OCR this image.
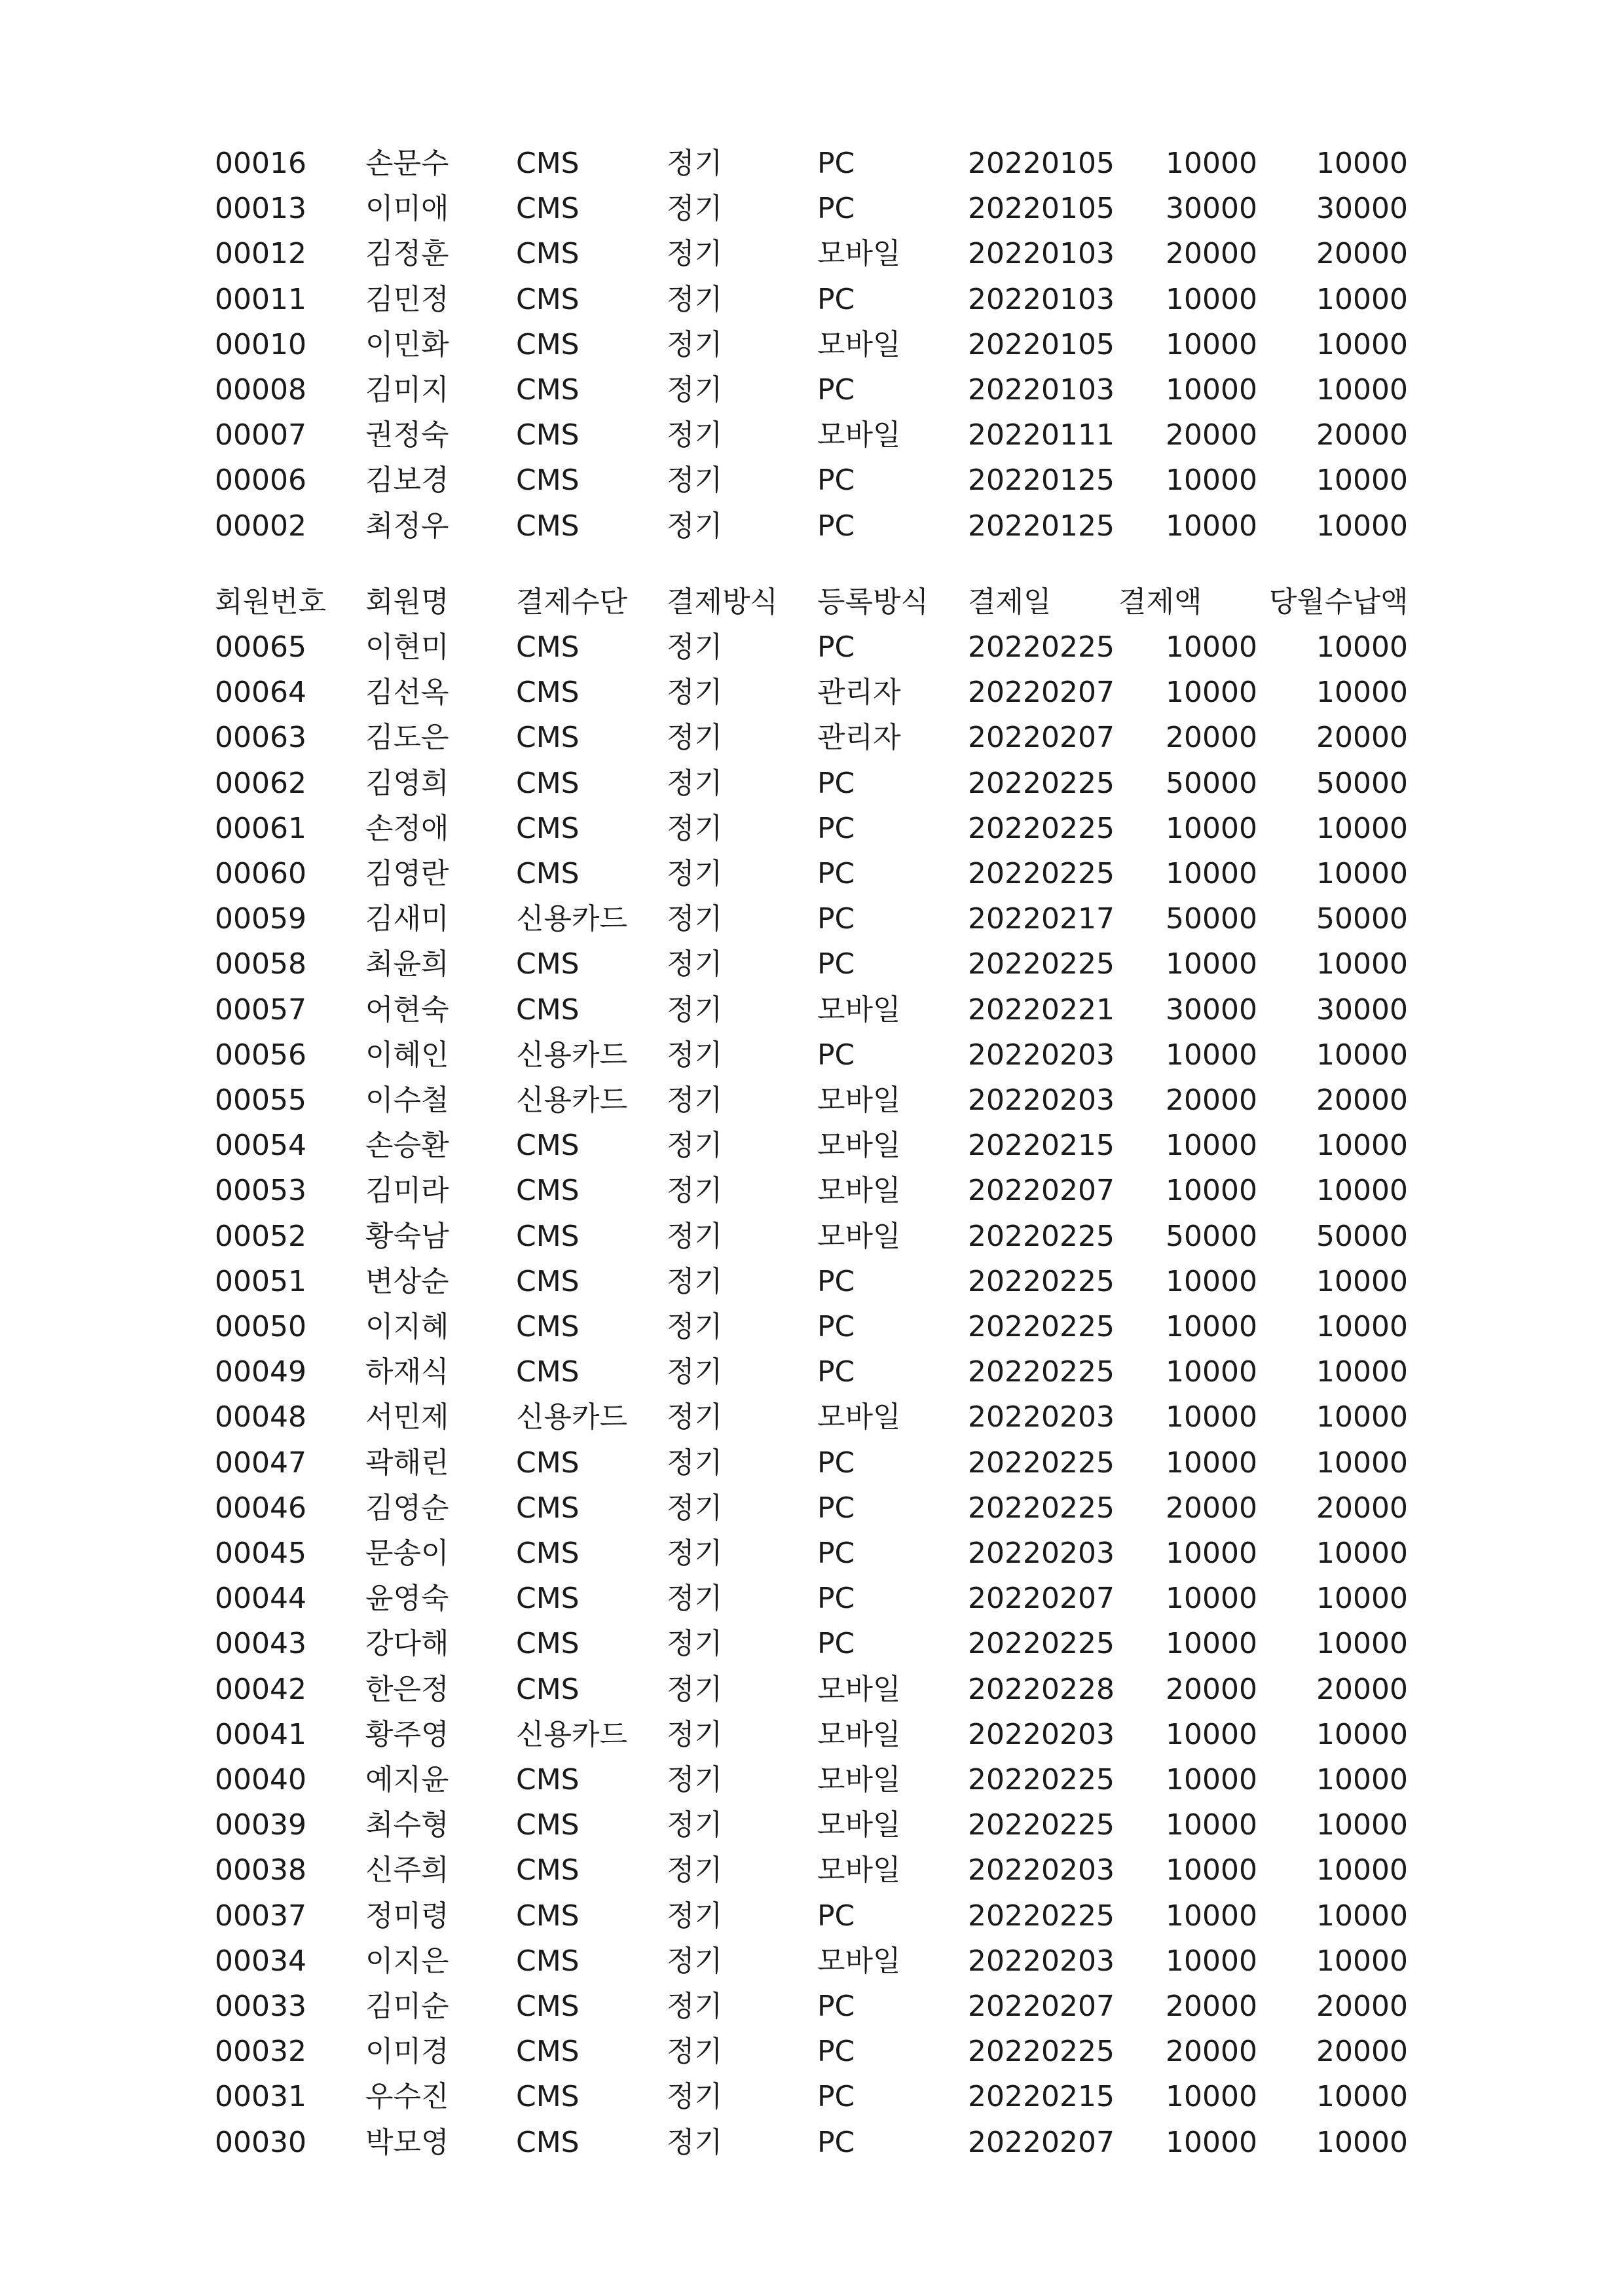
00016 손문수 CMS	정기	PC	20220105	10000	10000
00013 이미애 CMS	정기	PC	20220105	30000	30000
00012 김정훈 CMS	정기	모바일 20220103	20000	20000
00011 김민정 CMS	정기	PC	20220103	10000	10000
00010 이민화 CMS	정기	모바일 20220105	10000	10000
00008 김미지 CMS	정기	PC	20220103	10000	10000
00007 권정숙 CMS	정기	모바일 20220111	20000	20000
00006 김보경 CMS	정기	PC	20220125	10000	10000
00002 최정우 CMS	정기	PC	20220125	10000	10000
회원번호 회원명 결제수단 결제방식 등록방식 결제일 결제액	당월수납액
00065 이현미 CMS	정기	PC	20220225	10000	10000
00064 김선옥 CMS	정기	관리자 20220207	10000	10000
00063 김도은 CMS	정기	관리자 20220207	20000	20000
00062 김영희 CMS	정기	PC	20220225	50000	50000
00061 손정애 CMS	정기	PC	20220225	10000	10000
00060 김영란 CMS	정기	PC	20220225	10000	10000
00059 김새미 신용카드 정기	PC	20220217	50000	50000
00058 최윤희 CMS	정기	PC	20220225	10000	10000
00057 어현숙 CMS	정기	모바일 20220221	30000	30000
00056 이혜인 신용카드 정기	PC	20220203	10000	10000
00055 이수철 신용카드 정기	모바일 20220203	20000	20000
00054 손승환 CMS	정기	모바일 20220215	10000	10000
00053 김미라 CMS	정기	모바일 20220207	10000	10000
00052 황숙남 CMS	정기	모바일 20220225	50000	50000
00051 변상순 CMS	정기	PC	20220225	10000	10000
00050 이지혜 CMS	정기	PC	20220225	10000	10000
00049 하재식 CMS	정기	PC	20220225	10000	10000
00048 서민제 신용카드 정기	모바일 20220203	10000	10000
00047 곽해린 CMS	정기	PC	20220225	10000	10000
00046 김영순 CMS	정기	PC	20220225	20000	20000
00045 문송이 CMS	정기	PC	20220203	10000	10000
00044 윤영숙 CMS	정기	PC	20220207	10000	10000
00043 강다해 CMS	정기	PC	20220225	10000	10000
00042 한은정 CMS	정기	모바일 20220228	20000	20000
00041 황주영 신용카드 정기	모바일 20220203	10000	10000
00040 예지윤 CMS	정기	모바일 20220225	10000	10000
00039 최수형 CMS	정기	모바일 20220225	10000	10000
00038 신주희 CMS	정기	모바일 20220203	10000	10000
00037 정미령 CMS	정기	PC	20220225	10000	10000
00034 이지은 CMS	정기	모바일 20220203	10000	10000
00033 김미순 CMS	정기	PC	20220207	20000	20000
00032 이미경 CMS	정기	PC	20220225	20000	20000
00031 우수진 CMS	정기	PC	20220215	10000	10000
00030 박모영 CMS	정기	PC	20220207	10000	10000
